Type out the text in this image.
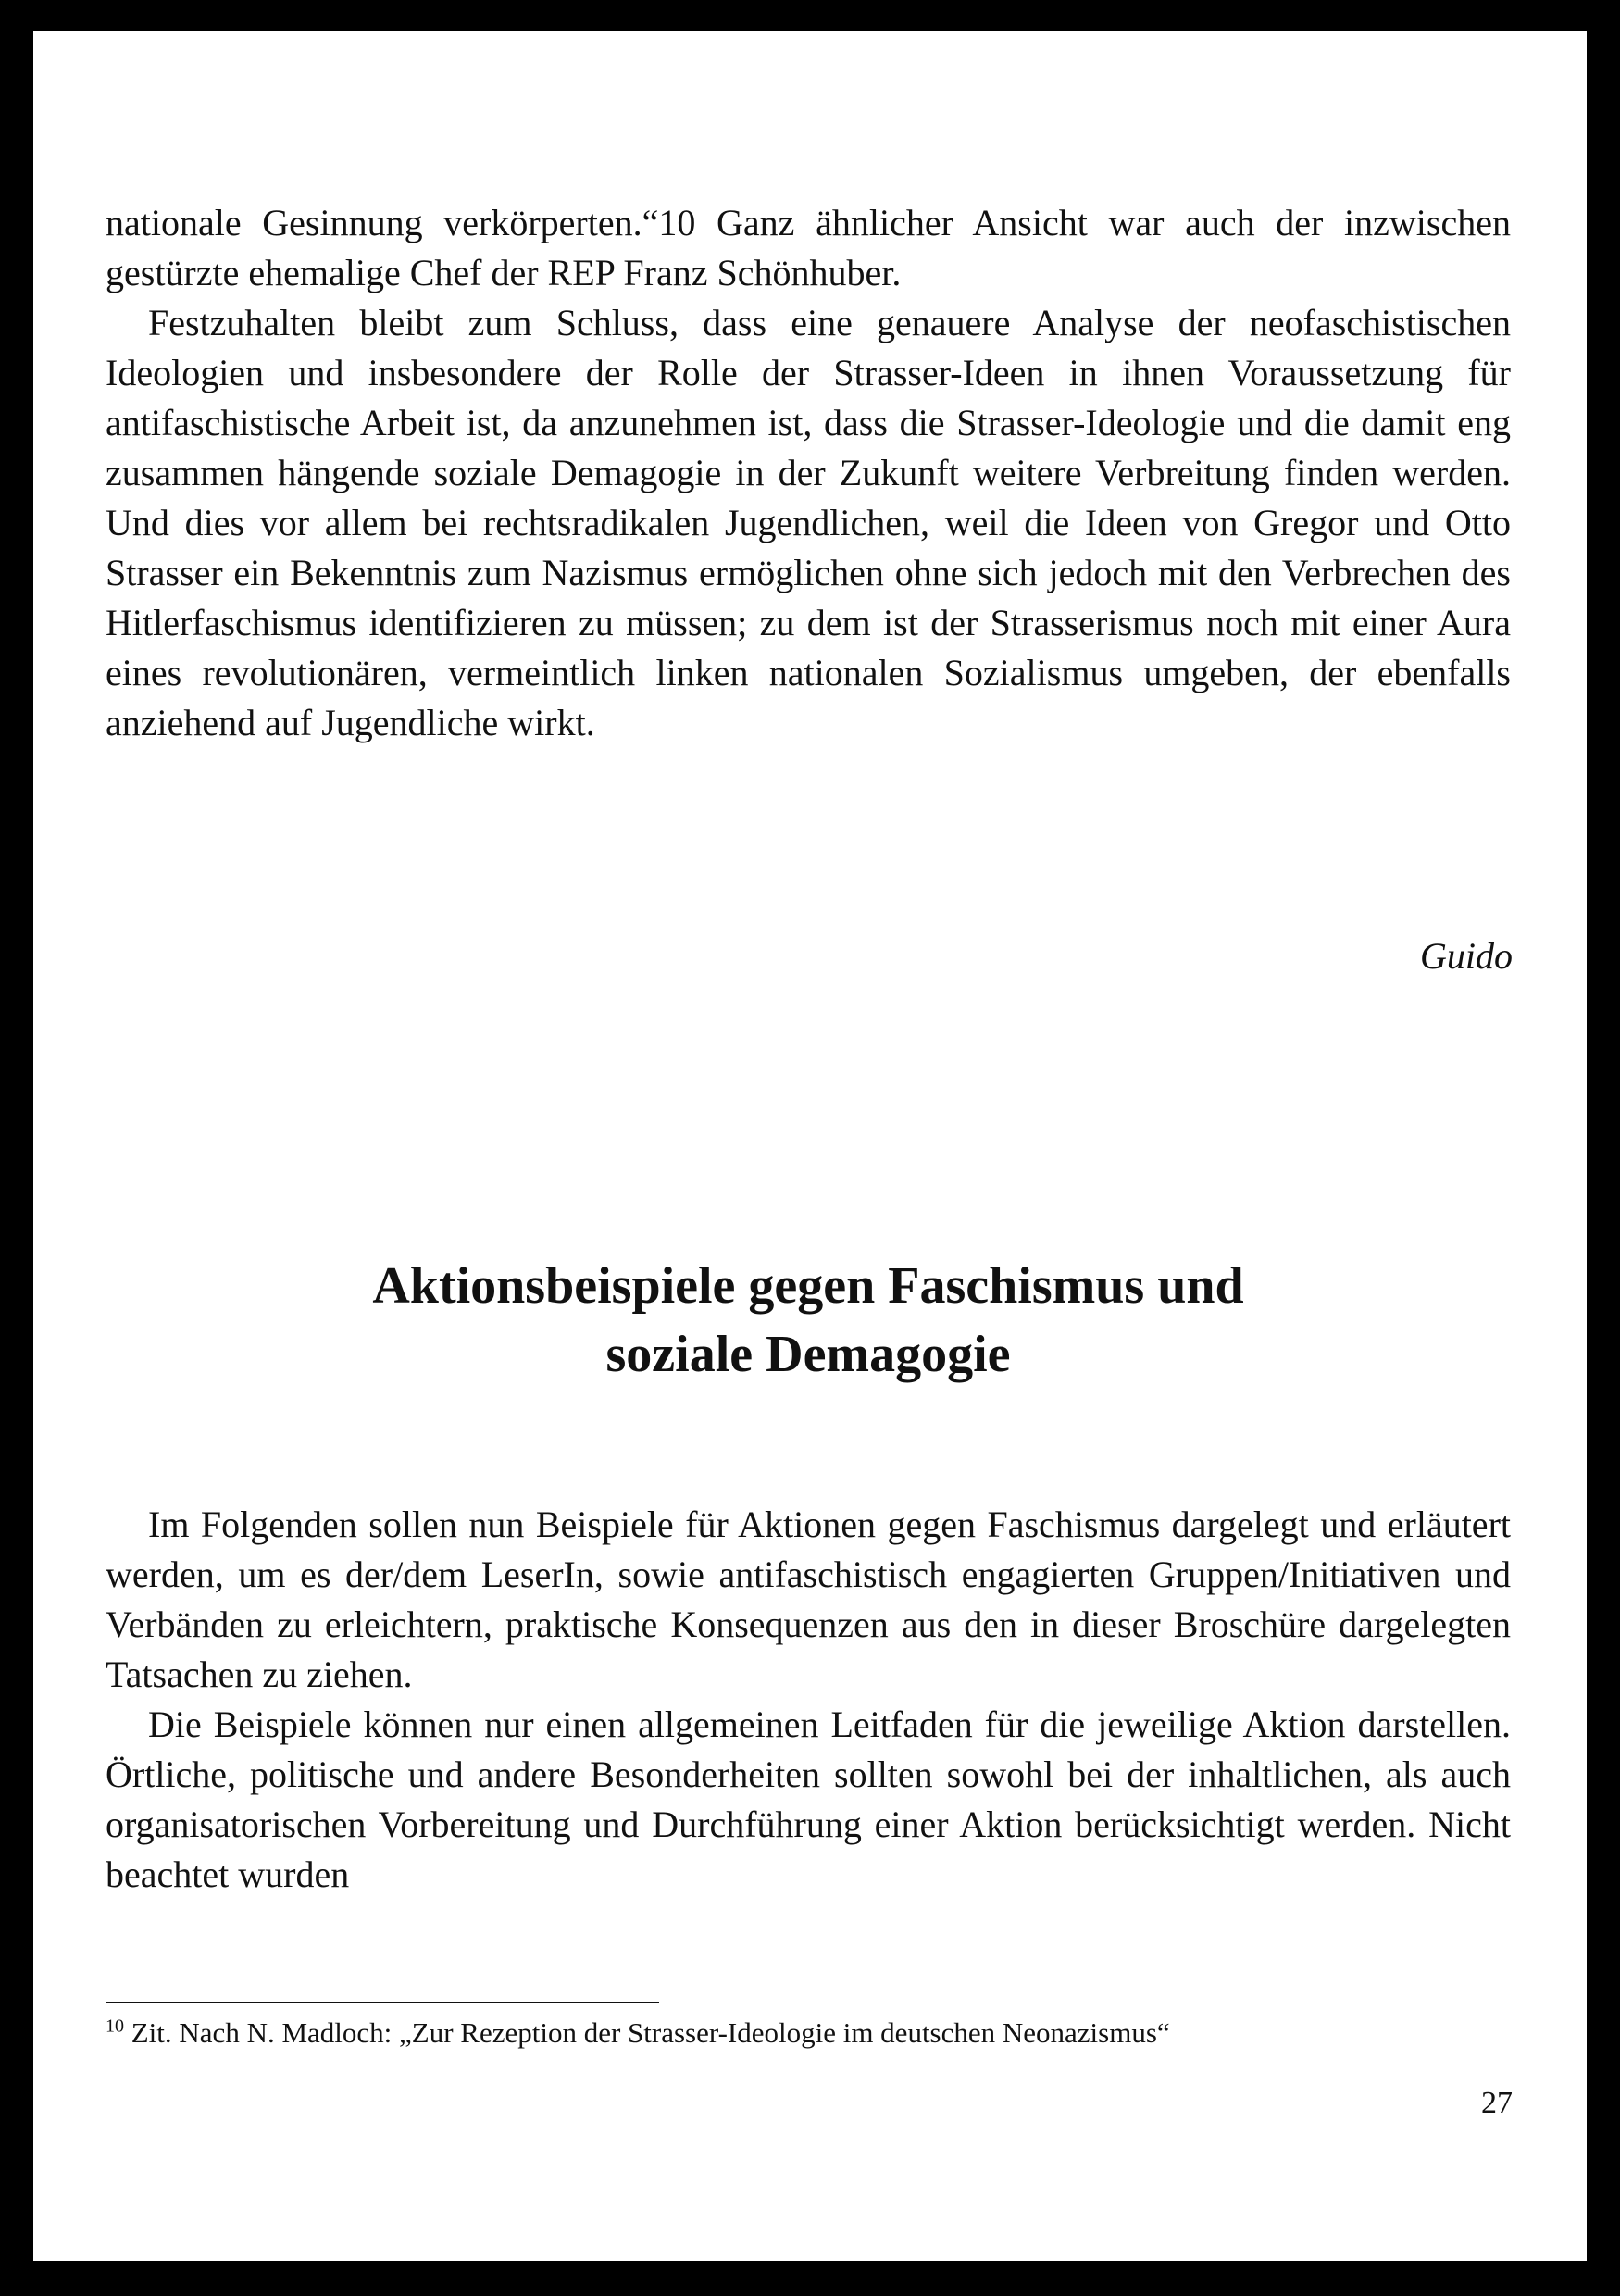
nationale Gesinnung verkörperten.“10 Ganz ähnlicher Ansicht war auch der inzwischen gestürzte ehemalige Chef der REP Franz Schönhuber.

Festzuhalten bleibt zum Schluss, dass eine genauere Analyse der neofaschistischen Ideologien und insbesondere der Rolle der Strasser-Ideen in ihnen Voraussetzung für antifaschistische Arbeit ist, da anzunehmen ist, dass die Strasser-Ideologie und die damit eng zusammen hängende soziale Demagogie in der Zukunft weitere Verbreitung finden werden. Und dies vor allem bei rechtsradikalen Jugendlichen, weil die Ideen von Gregor und Otto Strasser ein Bekenntnis zum Nazismus ermöglichen ohne sich jedoch mit den Verbrechen des Hitlerfaschismus identifizieren zu müssen; zu dem ist der Strasserismus noch mit einer Aura eines revolutionären, vermeintlich linken nationalen Sozialismus umgeben, der ebenfalls anziehend auf Jugendliche wirkt.

Guido
Aktionsbeispiele gegen Faschismus und
soziale Demagogie

Im Folgenden sollen nun Beispiele für Aktionen gegen Faschismus dargelegt und erläutert werden, um es der/dem LeserIn, sowie antifaschistisch engagierten Gruppen/Initiativen und Verbänden zu erleichtern, praktische Konsequenzen aus den in dieser Broschüre dargelegten Tatsachen zu ziehen.

Die Beispiele können nur einen allgemeinen Leitfaden für die jeweilige Aktion darstellen. Örtliche, politische und andere Besonderheiten sollten sowohl bei der inhaltlichen, als auch organisatorischen Vorbereitung und Durchführung einer Aktion berücksichtigt werden. Nicht beachtet wurden

$^{10}$ Zit. Nach N. Madloch: „Zur Rezeption der Strasser-Ideologie im deutschen Neonazismus“
27
